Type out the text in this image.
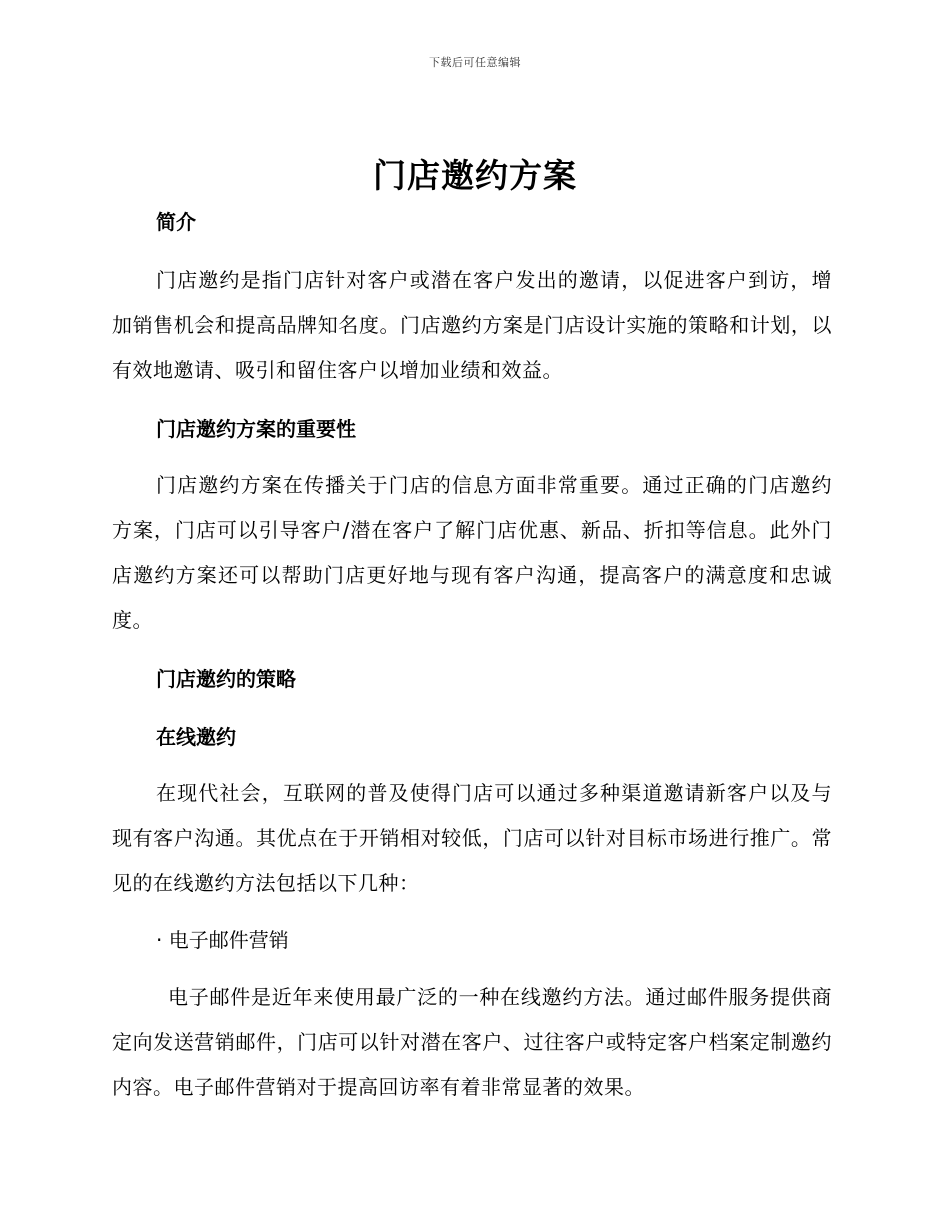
下载后可任意编辑
门店邀约方案
简介

门店邀约是指门店针对客户或潜在客户发出的邀请，以促进客户到访，增加销售机会和提高品牌知名度。门店邀约方案是门店设计实施的策略和计划，以有效地邀请、吸引和留住客户以增加业绩和效益。

门店邀约方案的重要性

门店邀约方案在传播关于门店的信息方面非常重要。通过正确的门店邀约方案，门店可以引导客户/潜在客户了解门店优惠、新品、折扣等信息。此外门店邀约方案还可以帮助门店更好地与现有客户沟通，提高客户的满意度和忠诚度。

门店邀约的策略
在线邀约

在现代社会，互联网的普及使得门店可以通过多种渠道邀请新客户以及与现有客户沟通。其优点在于开销相对较低，门店可以针对目标市场进行推广。常见的在线邀约方法包括以下几种：

· 电子邮件营销

电子邮件是近年来使用最广泛的一种在线邀约方法。通过邮件服务提供商定向发送营销邮件，门店可以针对潜在客户、过往客户或特定客户档案定制邀约内容。电子邮件营销对于提高回访率有着非常显著的效果。
